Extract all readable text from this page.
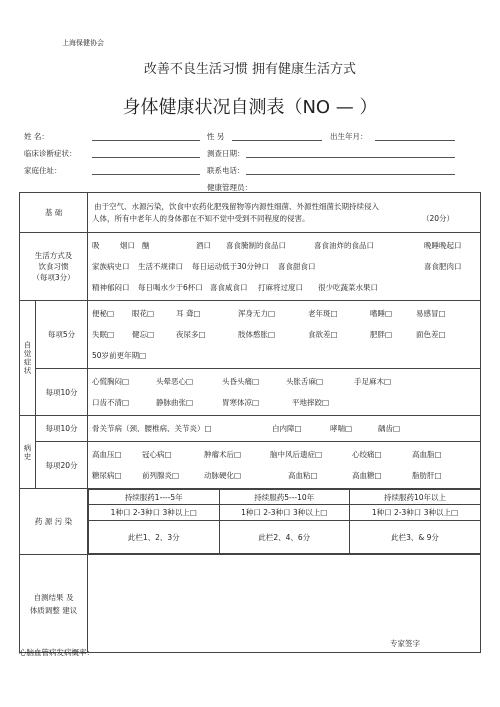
上海保健协会
改善不良生活习惯 拥有健康生活方式
身体健康状况自测表（NO — ）
姓 名：	性 另	出生年月：
临床诊断症状：	测查日期：
家庭住址：	联系电话：
健康管理员：
基 础	
由于空气、水源污染，饮食中农药化肥残留物等内源性细菌、外源性细菌长期持续侵入
人体，所有中老年人的身体都在不知不觉中受到不同程度的侵害。	（20分）

生活方式及
饮食习惯
（每项3分）

吸	烟口 酗	酒口 喜食腌制的食品口	喜食油炸的食品口	晚睡晚起口
家族病史口 生活不规律口 每日运动低于30分钟口 喜食甜食口	喜食肥肉口
精神郁闷口 每日喝水少于6杯口 喜食咸食口 打麻将过度口 很少吃蔬菜水果口

自觉症状
	每项5分	
便秘□ 眼花□	耳 聋□	浑身无力□	老年斑□	嗜睡□	易感冒□
失眠□ 健忘□	夜尿多□	肢体憨胀□	食欲差□	肥胖□	面色差□
50岁前更年期□

每项10分	
心慌胸闷□	头晕恶心□	头昏头痛□	头胀舌麻□	手足麻木□
口齿不清□	静脉曲张□	胃寒体凉□	平地摔跤□

病史
	每项10分	骨关节病（颈、腰椎病、关节炎）□	白内障□	哮喘□	龋齿□

每项20分	
高血压□	冠心病□	肿瘤术后□	脑中风后遗症□	心绞痛□	高血脂□
糖尿病□	前列腺炎□	动脉硬化□	高血粘□	高血糖□	脂肪肝□

药 源 污 染	
持续服药1----5年	持续服药5---10年	持续服药10年以上
1种口 2-3种口 3种以上□	1种口 2-3种口 3种以上□	1种口 2-3种口 3种以上□
此栏1、2、3分	此栏2、4、6分	此栏3、& 9分

自测结果 及
体质调整 建议

专家签字
心脑血管病发病概率：
